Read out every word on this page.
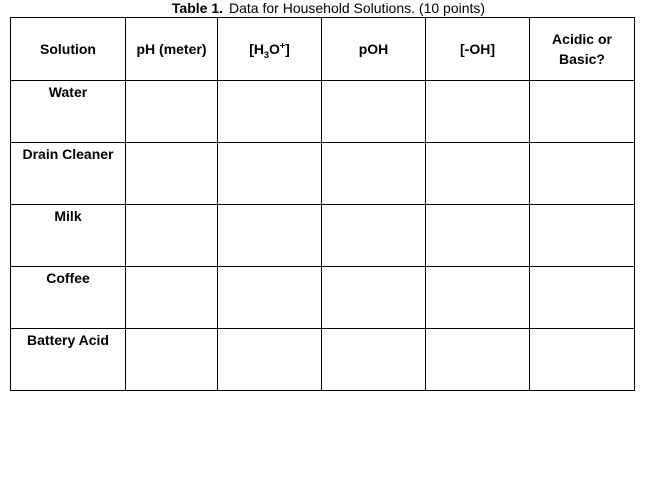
Table 1. Data for Household Solutions. (10 points)
Solution	pH (meter)	$[H_3O^+]$	pOH	[-OH]	Acidic or Basic?
Water					
Drain Cleaner					
Milk					
Coffee					
Battery Acid					
